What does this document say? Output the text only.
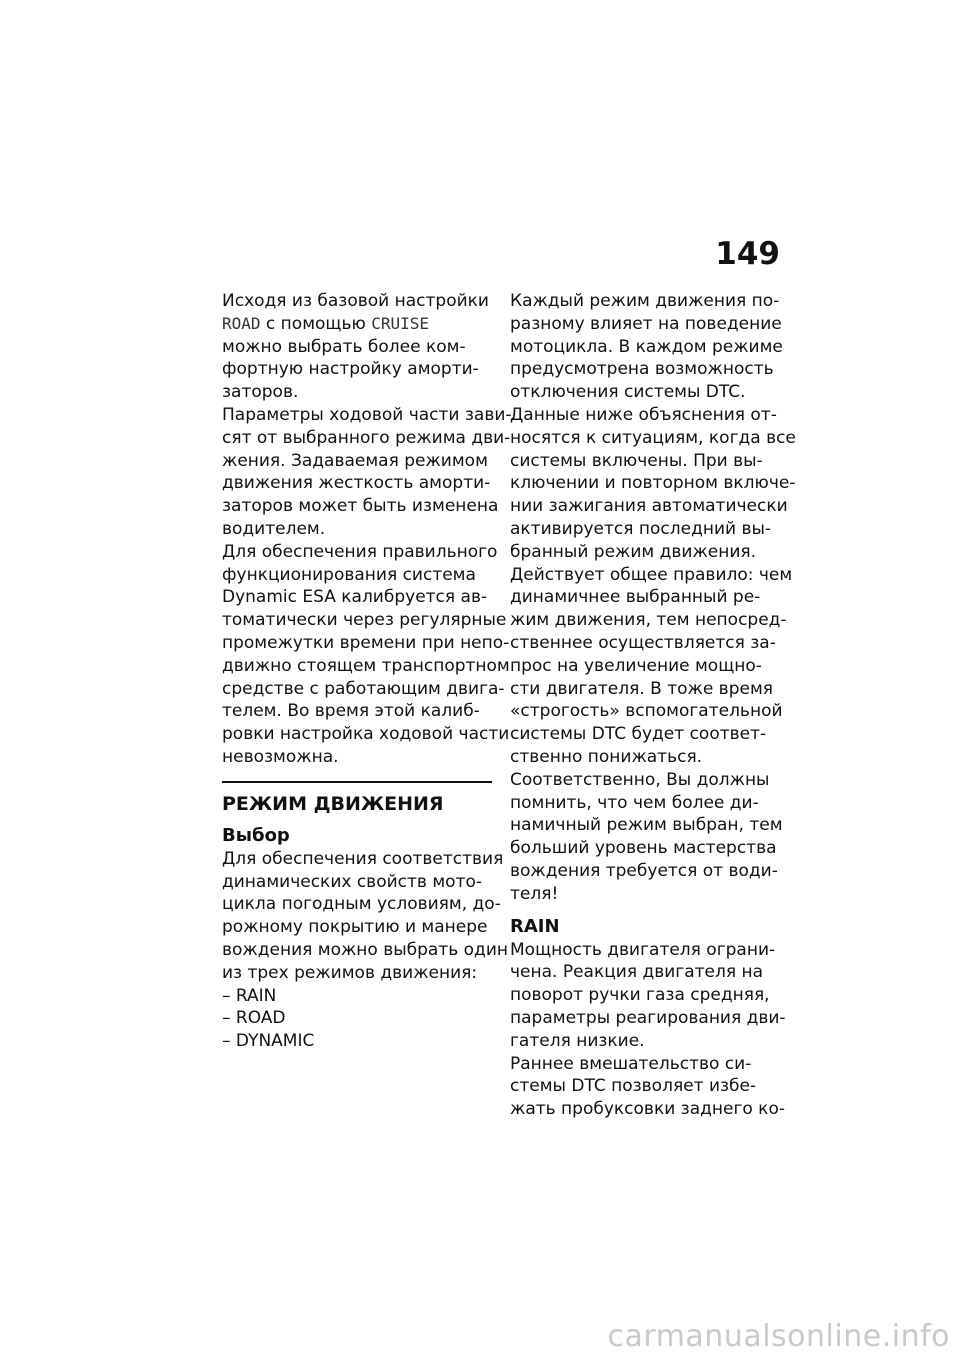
149
Исходя из базовой настройки
ROAD с помощью CRUISE
можно выбрать более ком-
фортную настройку аморти-
заторов.
Параметры ходовой части зави-
сят от выбранного режима дви-
жения. Задаваемая режимом
движения жесткость аморти-
заторов может быть изменена
водителем.
Для обеспечения правильного
функционирования система
Dynamic ESA калибруется ав-
томатически через регулярные
промежутки времени при непо-
движно стоящем транспортном
средстве с работающим двига-
телем. Во время этой калиб-
ровки настройка ходовой части
невозможна.
РЕЖИМ ДВИЖЕНИЯ
Выбор
Для обеспечения соответствия
динамических свойств мото-
цикла погодным условиям, до-
рожному покрытию и манере
вождения можно выбрать один
из трех режимов движения:
– RAIN
– ROAD
– DYNAMIC
Каждый режим движения по-
разному влияет на поведение
мотоцикла. В каждом режиме
предусмотрена возможность
отключения системы DTC.
Данные ниже объяснения от-
носятся к ситуациям, когда все
системы включены. При вы-
ключении и повторном включе-
нии зажигания автоматически
активируется последний вы-
бранный режим движения.
Действует общее правило: чем
динамичнее выбранный ре-
жим движения, тем непосред-
ственнее осуществляется за-
прос на увеличение мощно-
сти двигателя. В тоже время
«строгость» вспомогательной
системы DTC будет соответ-
ственно понижаться.
Соответственно, Вы должны
помнить, что чем более ди-
намичный режим выбран, тем
больший уровень мастерства
вождения требуется от води-
теля!
RAIN
Мощность двигателя ограни-
чена. Реакция двигателя на
поворот ручки газа средняя,
параметры реагирования дви-
гателя низкие.
Раннее вмешательство си-
стемы DTC позволяет избе-
жать пробуксовки заднего ко-
carmanualsonline.info
